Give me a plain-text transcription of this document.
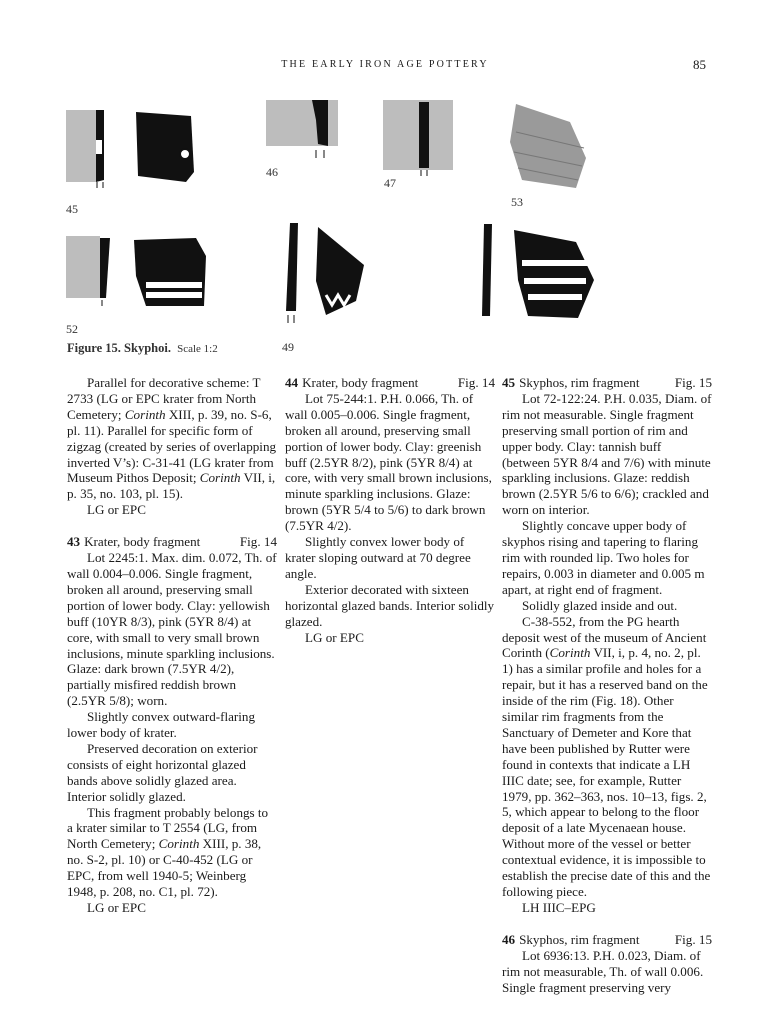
THE EARLY IRON AGE POTTERY	85
45
46
47
53
52
49
Figure 15. Skyphoi. Scale 1:2

Parallel for decorative scheme: T 2733 (LG or EPC krater from North Cemetery; Corinth XIII, p. 39, no. S-6, pl. 11). Parallel for specific form of zigzag (created by series of overlapping inverted V’s): C-31-41 (LG krater from Museum Pithos Deposit; Corinth VII, i, p. 35, no. 103, pl. 15).

LG or EPC

43 Krater, body fragment	Fig. 14

Lot 2245:1. Max. dim. 0.072, Th. of wall 0.004–0.006. Single fragment, broken all around, preserving small portion of lower body. Clay: yellowish buff (10YR 8/3), pink (5YR 8/4) at core, with small to very small brown inclusions, minute sparkling inclusions. Glaze: dark brown (7.5YR 4/2), partially misfired reddish brown (2.5YR 5/8); worn.

Slightly convex outward-flaring lower body of krater.

Preserved decoration on exterior consists of eight horizontal glazed bands above solidly glazed area. Interior solidly glazed.

This fragment probably belongs to a krater similar to T 2554 (LG, from North Cemetery; Corinth XIII, p. 38, no. S-2, pl. 10) or C-40-452 (LG or EPC, from well 1940-5; Weinberg 1948, p. 208, no. C1, pl. 72).

LG or EPC

44 Krater, body fragment	Fig. 14

Lot 75-244:1. P.H. 0.066, Th. of wall 0.005–0.006. Single fragment, broken all around, preserving small portion of lower body. Clay: greenish buff (2.5YR 8/2), pink (5YR 8/4) at core, with very small brown inclusions, minute sparkling inclusions. Glaze: brown (5YR 5/4 to 5/6) to dark brown (7.5YR 4/2).

Slightly convex lower body of krater sloping outward at 70 degree angle.

Exterior decorated with sixteen horizontal glazed bands. Interior solidly glazed.

LG or EPC

45 Skyphos, rim fragment	Fig. 15

Lot 72-122:24. P.H. 0.035, Diam. of rim not measurable. Single fragment preserving small portion of rim and upper body. Clay: tannish buff (between 5YR 8/4 and 7/6) with minute sparkling inclusions. Glaze: reddish brown (2.5YR 5/6 to 6/6); crackled and worn on interior.

Slightly concave upper body of skyphos rising and tapering to flaring rim with rounded lip. Two holes for repairs, 0.003 in diameter and 0.005 m apart, at right end of fragment.

Solidly glazed inside and out.

C-38-552, from the PG hearth deposit west of the museum of Ancient Corinth (Corinth VII, i, p. 4, no. 2, pl. 1) has a similar profile and holes for a repair, but it has a reserved band on the inside of the rim (Fig. 18). Other similar rim fragments from the Sanctuary of Demeter and Kore that have been published by Rutter were found in contexts that indicate a LH IIIC date; see, for example, Rutter 1979, pp. 362–363, nos. 10–13, figs. 2, 5, which appear to belong to the floor deposit of a late Mycenaean house. Without more of the vessel or better contextual evidence, it is impossible to establish the precise date of this and the following piece.

LH IIIC–EPG

46 Skyphos, rim fragment	Fig. 15

Lot 6936:13. P.H. 0.023, Diam. of rim not measurable, Th. of wall 0.006. Single fragment preserving very
